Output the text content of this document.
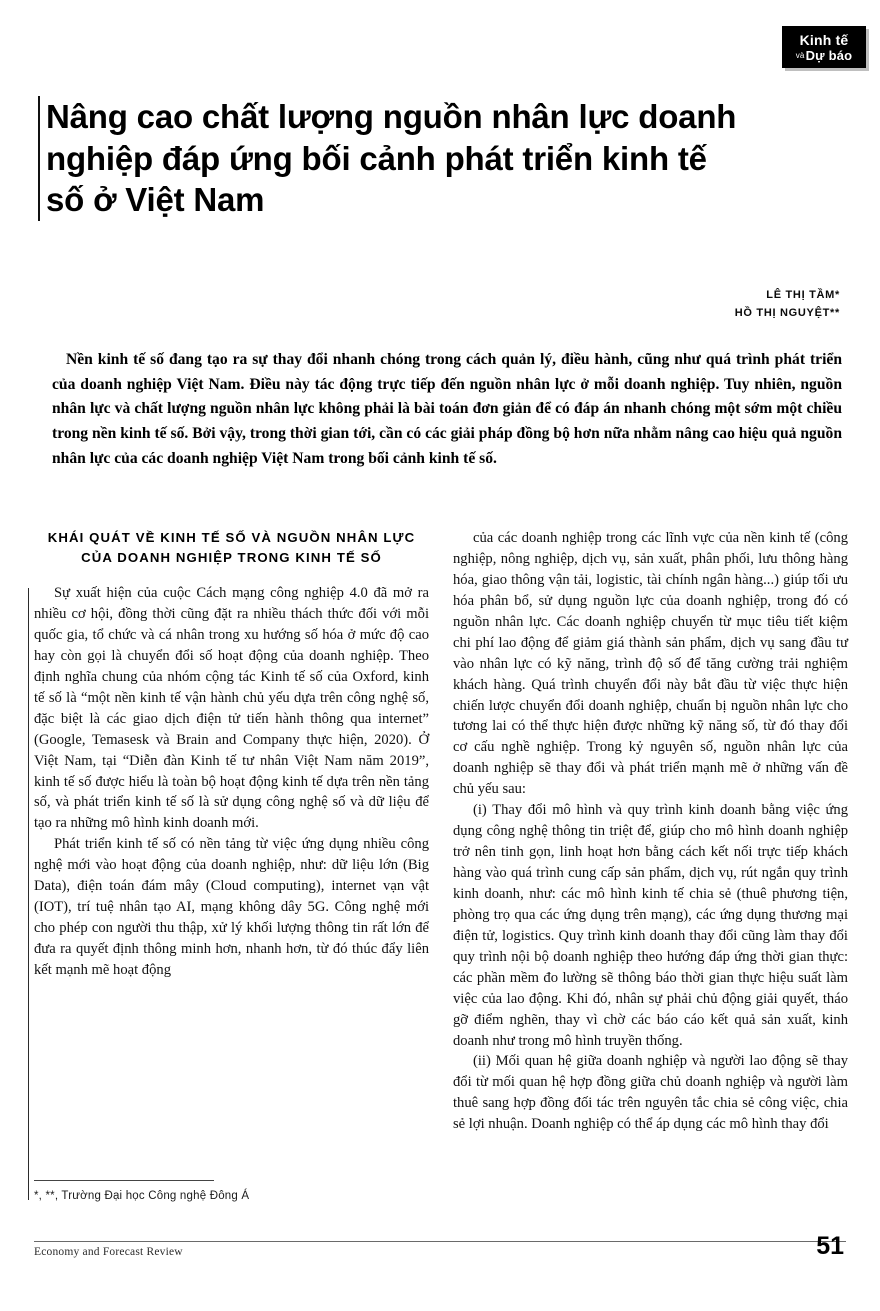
Kinh tế
vàDự báo
Nâng cao chất lượng nguồn nhân lực doanh nghiệp đáp ứng bối cảnh phát triển kinh tế số ở Việt Nam
LÊ THỊ TẦM*
HỒ THỊ NGUYỆT**
Nền kinh tế số đang tạo ra sự thay đổi nhanh chóng trong cách quản lý, điều hành, cũng như quá trình phát triển của doanh nghiệp Việt Nam. Điều này tác động trực tiếp đến nguồn nhân lực ở mỗi doanh nghiệp. Tuy nhiên, nguồn nhân lực và chất lượng nguồn nhân lực không phải là bài toán đơn giản để có đáp án nhanh chóng một sớm một chiều trong nền kinh tế số. Bởi vậy, trong thời gian tới, cần có các giải pháp đồng bộ hơn nữa nhằm nâng cao hiệu quả nguồn nhân lực của các doanh nghiệp Việt Nam trong bối cảnh kinh tế số.
KHÁI QUÁT VỀ KINH TẾ SỐ VÀ NGUỒN NHÂN LỰC CỦA DOANH NGHIỆP TRONG KINH TẾ SỐ

Sự xuất hiện của cuộc Cách mạng công nghiệp 4.0 đã mở ra nhiều cơ hội, đồng thời cũng đặt ra nhiều thách thức đối với mỗi quốc gia, tổ chức và cá nhân trong xu hướng số hóa ở mức độ cao hay còn gọi là chuyển đổi số hoạt động của doanh nghiệp. Theo định nghĩa chung của nhóm cộng tác Kinh tế số của Oxford, kinh tế số là “một nền kinh tế vận hành chủ yếu dựa trên công nghệ số, đặc biệt là các giao dịch điện tử tiến hành thông qua internet” (Google, Temasesk và Brain and Company thực hiện, 2020). Ở Việt Nam, tại “Diễn đàn Kinh tế tư nhân Việt Nam năm 2019”, kinh tế số được hiểu là toàn bộ hoạt động kinh tế dựa trên nền tảng số, và phát triển kinh tế số là sử dụng công nghệ số và dữ liệu để tạo ra những mô hình kinh doanh mới.

Phát triển kinh tế số có nền tảng từ việc ứng dụng nhiều công nghệ mới vào hoạt động của doanh nghiệp, như: dữ liệu lớn (Big Data), điện toán đám mây (Cloud computing), internet vạn vật (IOT), trí tuệ nhân tạo AI, mạng không dây 5G. Công nghệ mới cho phép con người thu thập, xử lý khối lượng thông tin rất lớn để đưa ra quyết định thông minh hơn, nhanh hơn, từ đó thúc đẩy liên kết mạnh mẽ hoạt động

của các doanh nghiệp trong các lĩnh vực của nền kinh tế (công nghiệp, nông nghiệp, dịch vụ, sản xuất, phân phối, lưu thông hàng hóa, giao thông vận tải, logistic, tài chính ngân hàng...) giúp tối ưu hóa phân bổ, sử dụng nguồn lực của doanh nghiệp, trong đó có nguồn nhân lực. Các doanh nghiệp chuyển từ mục tiêu tiết kiệm chi phí lao động để giảm giá thành sản phẩm, dịch vụ sang đầu tư vào nhân lực có kỹ năng, trình độ số để tăng cường trải nghiệm khách hàng. Quá trình chuyển đổi này bắt đầu từ việc thực hiện chiến lược chuyển đổi doanh nghiệp, chuẩn bị nguồn nhân lực cho tương lai có thể thực hiện được những kỹ năng số, từ đó thay đổi cơ cấu nghề nghiệp. Trong kỷ nguyên số, nguồn nhân lực của doanh nghiệp sẽ thay đổi và phát triển mạnh mẽ ở những vấn đề chủ yếu sau:

(i) Thay đổi mô hình và quy trình kinh doanh bằng việc ứng dụng công nghệ thông tin triệt để, giúp cho mô hình doanh nghiệp trở nên tinh gọn, linh hoạt hơn bằng cách kết nối trực tiếp khách hàng vào quá trình cung cấp sản phẩm, dịch vụ, rút ngắn quy trình kinh doanh, như: các mô hình kinh tế chia sẻ (thuê phương tiện, phòng trọ qua các ứng dụng trên mạng), các ứng dụng thương mại điện tử, logistics. Quy trình kinh doanh thay đổi cũng làm thay đổi quy trình nội bộ doanh nghiệp theo hướng đáp ứng thời gian thực: các phần mềm đo lường sẽ thông báo thời gian thực hiệu suất làm việc của lao động. Khi đó, nhân sự phải chủ động giải quyết, tháo gỡ điểm nghẽn, thay vì chờ các báo cáo kết quả sản xuất, kinh doanh như trong mô hình truyền thống.

(ii) Mối quan hệ giữa doanh nghiệp và người lao động sẽ thay đổi từ mối quan hệ hợp đồng giữa chủ doanh nghiệp và người làm thuê sang hợp đồng đối tác trên nguyên tắc chia sẻ công việc, chia sẻ lợi nhuận. Doanh nghiệp có thể áp dụng các mô hình thay đổi

*, **, Trường Đại học Công nghệ Đông Á
Economy and Forecast Review	51
